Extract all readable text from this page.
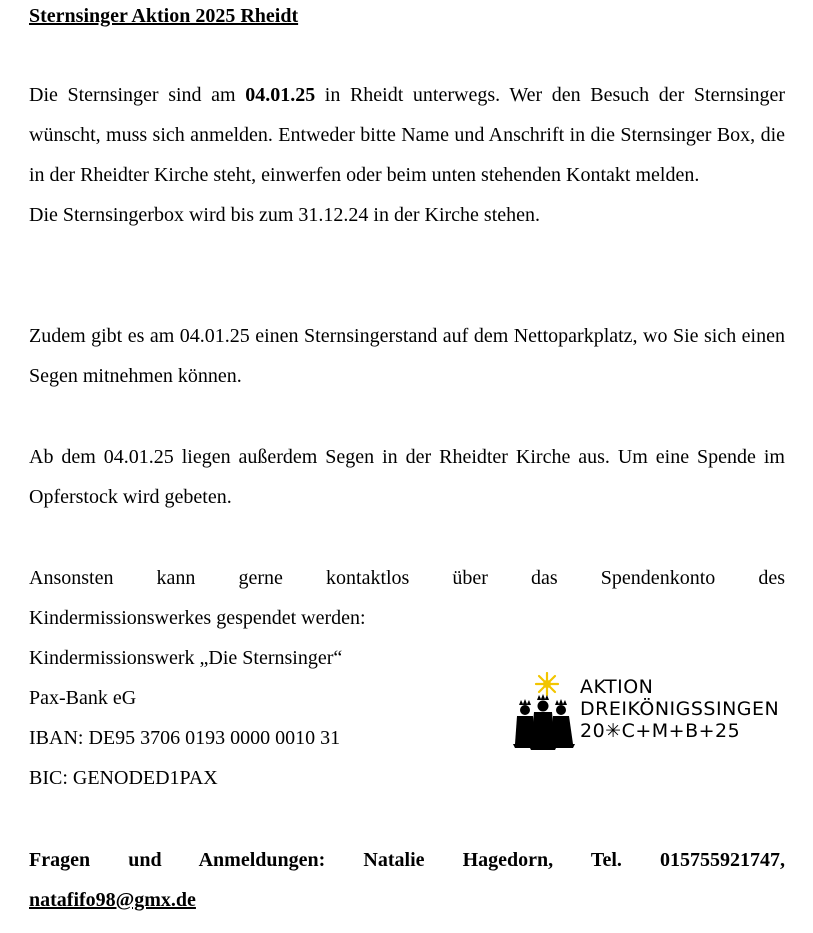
Sternsinger Aktion 2025 Rheidt
Die Sternsinger sind am 04.01.25 in Rheidt unterwegs. Wer den Besuch der Sternsinger wünscht, muss sich anmelden. Entweder bitte Name und Anschrift in die Sternsinger Box, die in der Rheidter Kirche steht, einwerfen oder beim unten stehenden Kontakt melden.
Die Sternsingerbox wird bis zum 31.12.24 in der Kirche stehen.
Zudem gibt es am 04.01.25 einen Sternsingerstand auf dem Nettoparkplatz, wo Sie sich einen Segen mitnehmen können.
Ab dem 04.01.25 liegen außerdem Segen in der Rheidter Kirche aus. Um eine Spende im Opferstock wird gebeten.
Ansonsten kann gerne kontaktlos über das Spendenkonto des
Kindermissionswerkes gespendet werden:
Kindermissionswerk „Die Sternsinger“
Pax-Bank eG
IBAN: DE95 3706 0193 0000 0010 31
BIC: GENODED1PAX
Fragen und Anmeldungen: Natalie Hagedorn, Tel. 015755921747,
natafifo98@gmx.de
AKTION
DREIKÖNIGSSINGEN
20✳C+M+B+25
